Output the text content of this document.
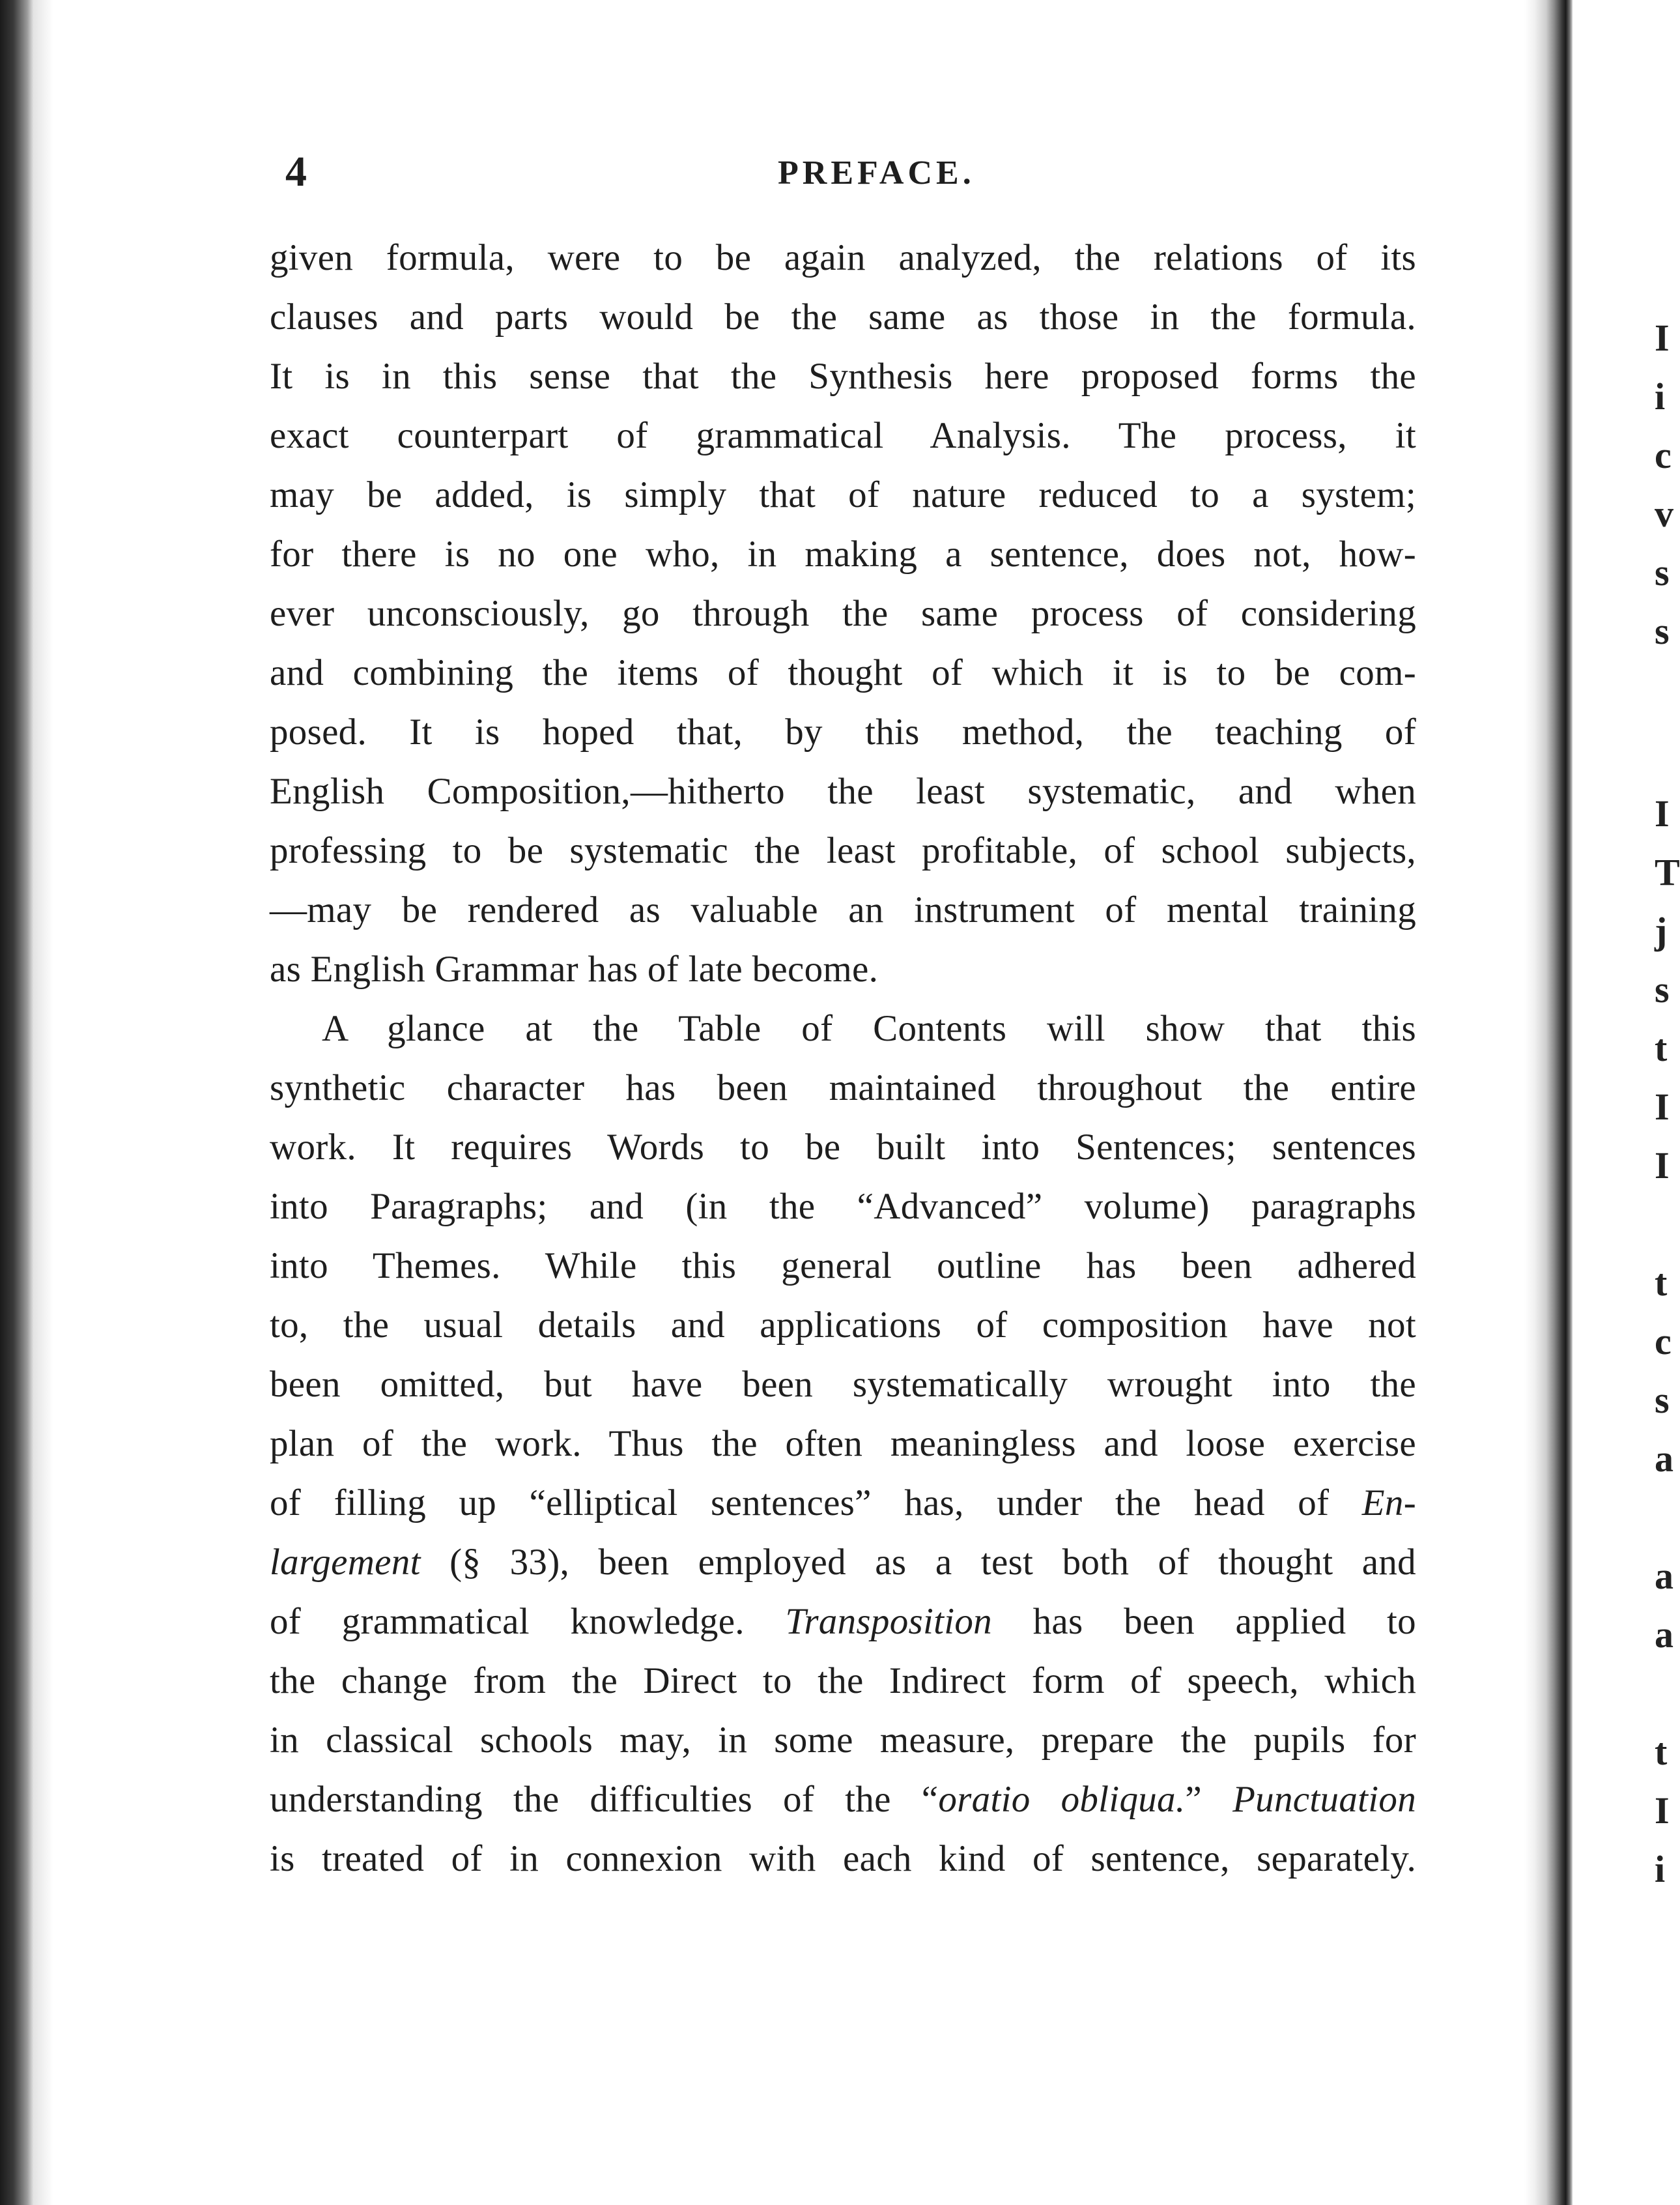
I
i
c
v
s
s
I
T
j
s
t
I
I
t
c
s
a
a
a
t
I
i
4	PREFACE.
given formula, were to be again analyzed, the relations of its
clauses and parts would be the same as those in the formula.
It is in this sense that the Synthesis here proposed forms the
exact counterpart of grammatical Analysis. The process, it
may be added, is simply that of nature reduced to a system;
for there is no one who, in making a sentence, does not, how-
ever unconsciously, go through the same process of considering
and combining the items of thought of which it is to be com-
posed. It is hoped that, by this method, the teaching of
English Composition,—hitherto the least systematic, and when
professing to be systematic the least profitable, of school subjects,
—may be rendered as valuable an instrument of mental training
as English Grammar has of late become.
A glance at the Table of Contents will show that this
synthetic character has been maintained throughout the entire
work. It requires Words to be built into Sentences; sentences
into Paragraphs; and (in the “Advanced” volume) paragraphs
into Themes. While this general outline has been adhered
to, the usual details and applications of composition have not
been omitted, but have been systematically wrought into the
plan of the work. Thus the often meaningless and loose exercise
of filling up “elliptical sentences” has, under the head of En-
largement (§ 33), been employed as a test both of thought and
of grammatical knowledge. Transposition has been applied to
the change from the Direct to the Indirect form of speech, which
in classical schools may, in some measure, prepare the pupils for
understanding the difficulties of the “oratio obliqua.” Punctuation
is treated of in connexion with each kind of sentence, separately.
